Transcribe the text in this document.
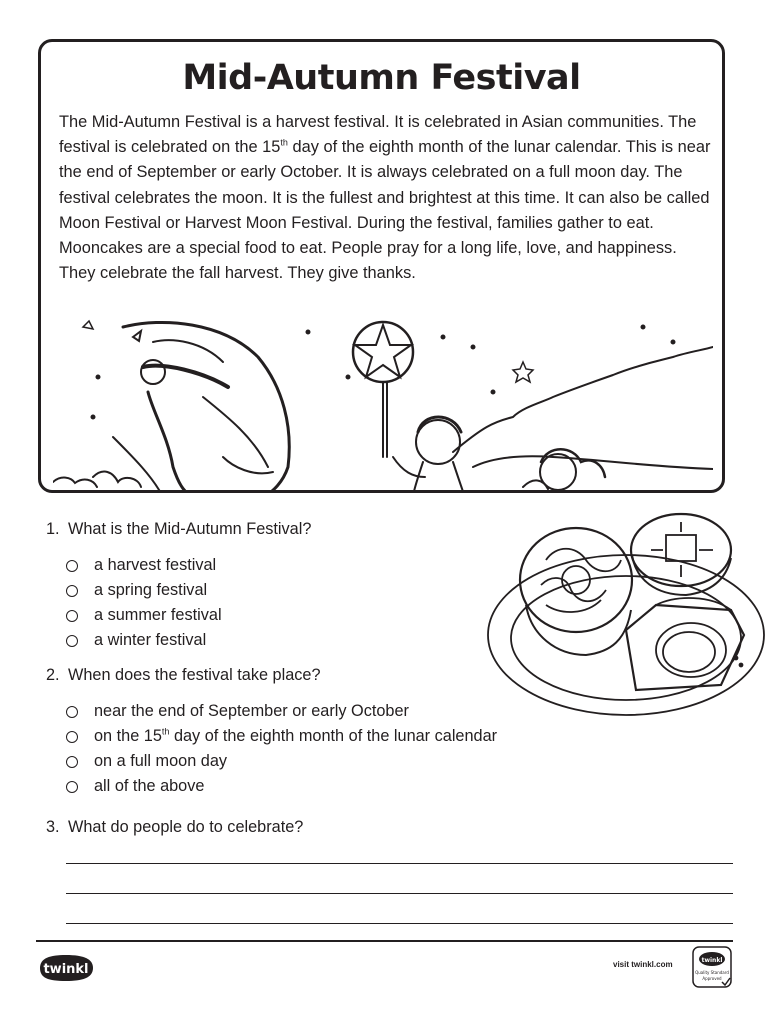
Mid-Autumn Festival

The Mid-Autumn Festival is a harvest festival. It is celebrated in Asian communities. The festival is celebrated on the 15th day of the eighth month of the lunar calendar. This is near the end of September or early October. It is always celebrated on a full moon day. The festival celebrates the moon. It is the fullest and brightest at this time. It can also be called Moon Festival or Harvest Moon Festival. During the festival, families gather to eat. Mooncakes are a special food to eat. People pray for a long life, love, and happiness. They celebrate the fall harvest. They give thanks.

1. What is the Mid-Autumn Festival?

a harvest festival
a spring festival
a summer festival
a winter festival

2. When does the festival take place?

near the end of September or early October
on the 15th day of the eighth month of the lunar calendar
on a full moon day
all of the above

3. What do people do to celebrate?

twinkl	visit twinkl.com	twinkl
Quality Standard
Approved
